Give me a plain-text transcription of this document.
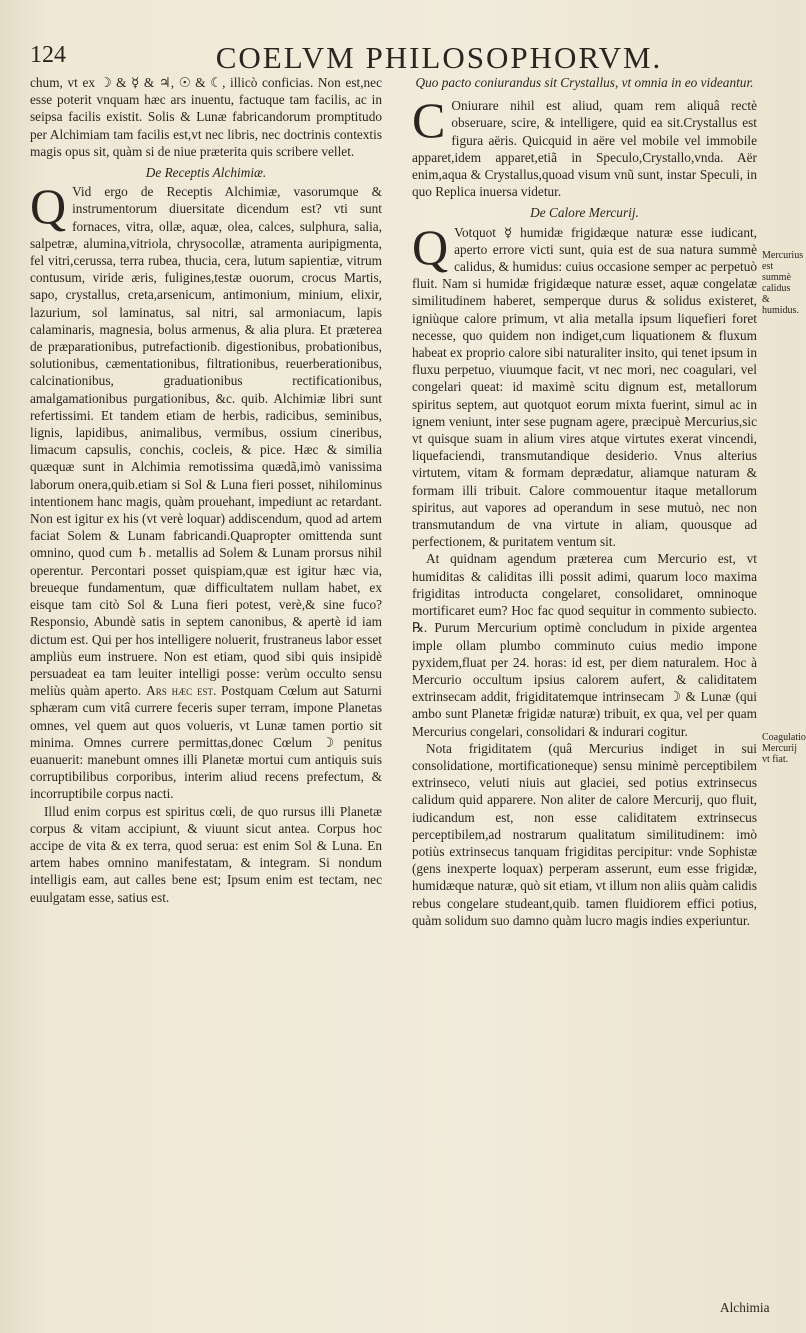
124	COELVM PHILOSOPHORVM.

chum, vt ex ☽ & ☿ & ♃, ☉ & ☾, illicò conficias. Non est,nec esse poterit vnquam hæc ars inuentu, factuque tam facilis, ac in seipsa facilis existit. Solis & Lunæ fabricandorum promptitudo per Alchimiam tam facilis est,vt nec libris, nec doctrinis contextis magis opus sit, quàm si de niue præterita quis scribere vellet.

De Receptis Alchimiæ.

Q Vid ergo de Receptis Alchimiæ, vasorumque & instrumentorum diuersitate dicendum est? vti sunt fornaces, vitra, ollæ, aquæ, olea, calces, sulphura, salia, salpetræ, alumina,vitriola, chrysocollæ, atramenta auripigmenta, fel vitri,cerussa, terra rubea, thucia, cera, lutum sapientiæ, vitrum contusum, viride æris, fuligines,testæ ouorum, crocus Martis, sapo, crystallus, creta,arsenicum, antimonium, minium, elixir, lazurium, sol laminatus, sal nitri, sal armoniacum, lapis calaminaris, magnesia, bolus armenus, & alia plura. Et præterea de præparationibus, putrefactionib. digestionibus, probationibus, solutionibus, cæmentationibus, filtrationibus, reuerberationibus, calcinationibus, graduationibus rectificationibus, amalgamationibus purgationibus, &c. quib. Alchimiæ libri sunt refertissimi. Et tandem etiam de herbis, radicibus, seminibus, lignis, lapidibus, animalibus, vermibus, ossium cineribus, limacum capsulis, conchis, cocleis, & pice. Hæc & similia quæquæ sunt in Alchimia remotissima quædã,imò vanissima laborum onera,quib.etiam si Sol & Luna fieri posset, nihilominus intentionem hanc magis, quàm prouehant, impediunt ac retardant. Non est igitur ex his (vt verè loquar) addiscendum, quod ad artem faciat Solem & Lunam fabricandi.Quapropter omittenda sunt omnino, quod cum ♄. metallis ad Solem & Lunam prorsus nihil operentur. Percontari posset quispiam,quæ est igitur hæc via, breueque fundamentum, quæ difficultatem nullam habet, ex eisque tam citò Sol & Luna fieri potest, verè,& sine fuco?Responsio, Abundè satis in septem canonibus, & apertè id iam dictum est. Qui per hos intelligere noluerit, frustraneus labor esset ampliùs eum instruere. Non est etiam, quod sibi quis insipidè persuadeat ea tam leuiter intelligi posse: verùm occulto sensu meliùs quàm aperto. Ars hæc est. Postquam Cœlum aut Saturni sphæram cum vitâ currere feceris super terram, impone Planetas omnes, vel quem aut quos volueris, vt Lunæ tamen portio sit minima. Omnes currere permittas,donec Cœlum ☽ penitus euanuerit: manebunt omnes illi Planetæ mortui cum antiquis suis corruptibilibus corporibus, interim aliud recens prefectum, & incorruptibile corpus nacti.

Illud enim corpus est spiritus cœli, de quo rursus illi Planetæ corpus & vitam accipiunt, & viuunt sicut antea. Corpus hoc accipe de vita & ex terra, quod serua: est enim Sol & Luna. En artem habes omnino manifestatam, & integram. Si nondum intelligis eam, aut calles bene est; Ipsum enim est tectam, nec euulgatam esse, satius est.

Quo pacto coniurandus sit Crystallus, vt omnia in eo videantur.

C Oniurare nihil est aliud, quam rem aliquâ rectè obseruare, scire, & intelligere, quid ea sit.Crystallus est figura aëris. Quicquid in aëre vel mobile vel immobile apparet,idem apparet,etiã in Speculo,Crystallo,vnda. Aër enim,aqua & Crystallus,quoad visum vnũ sunt, instar Speculi, in quo Replica inuersa videtur.

De Calore Mercurij.

Q Votquot ☿ humidæ frigidæque naturæ esse iudicant, aperto errore victi sunt, quia est de sua natura summè calidus, & humidus: cuius occasione semper ac perpetuò fluit. Nam si humidæ frigidæque naturæ esset, aquæ congelatæ similitudinem haberet, semperque durus & solidus existeret, igniùque calore primum, vt alia metalla ipsum liquefieri foret necesse, quo quidem non indiget,cum liquationem & fluxum habeat ex proprio calore sibi naturaliter insito, qui tenet ipsum in fluxu perpetuo, viuumque facit, vt nec mori, nec coagulari, vel congelari queat: id maximè scitu dignum est, metallorum spiritus septem, aut quotquot eorum mixta fuerint, simul ac in ignem veniunt, inter sese pugnam agere, præcipuè Mercurius,sic vt quisque suam in alium vires atque virtutes exerat vincendi, liquefaciendi, transmutandique desiderio. Vnus alterius virtutem, vitam & formam deprædatur, aliamque naturam & formam illi tribuit. Calore commouentur itaque metallorum spiritus, aut vapores ad operandum in sese mutuò, nec non transmutandum de vna virtute in aliam, quousque ad perfectionem, & puritatem ventum sit.

At quidnam agendum præterea cum Mercurio est, vt humiditas & caliditas illi possit adimi, quarum loco maxima frigiditas introducta congelaret, consolidaret, omninoque mortificaret eum? Hoc fac quod sequitur in commento subiecto. ℞. Purum Mercurium optimè concludum in pixide argentea imple ollam plumbo comminuto cuius medio impone pyxidem,fluat per 24. horas: id est, per diem naturalem. Hoc à Mercurio occultum ipsius calorem aufert, & caliditatem extrinsecam addit, frigiditatemque intrinsecam ☽ & Lunæ (qui ambo sunt Planetæ frigidæ naturæ) tribuit, ex qua, vel per quam Mercurius congelari, consolidari & indurari cogitur.

Nota frigiditatem (quâ Mercurius indiget in sui consolidatione, mortificationeque) sensu minimè perceptibilem extrinseco, veluti niuis aut glaciei, sed potius extrinsecus calidum quid apparere. Non aliter de calore Mercurij, quo fluit, iudicandum est, non esse caliditatem extrinsecus perceptibilem,ad nostrarum qualitatum similitudinem: imò potiùs extrinsecus tanquam frigiditas percipitur: vnde Sophistæ (gens inexperte loquax) perperam asserunt, eum esse frigidæ, humidæque naturæ, quò sit etiam, vt illum non aliis quàm calidis rebus congelare studeant,quib. tamen fluidiorem effici potius, quàm solidum suo damno quàm lucro magis indies experiuntur.

Mercurius est summè calidus & humidus.
Coagulatio Mercurij vt fiat.
Alchimia
